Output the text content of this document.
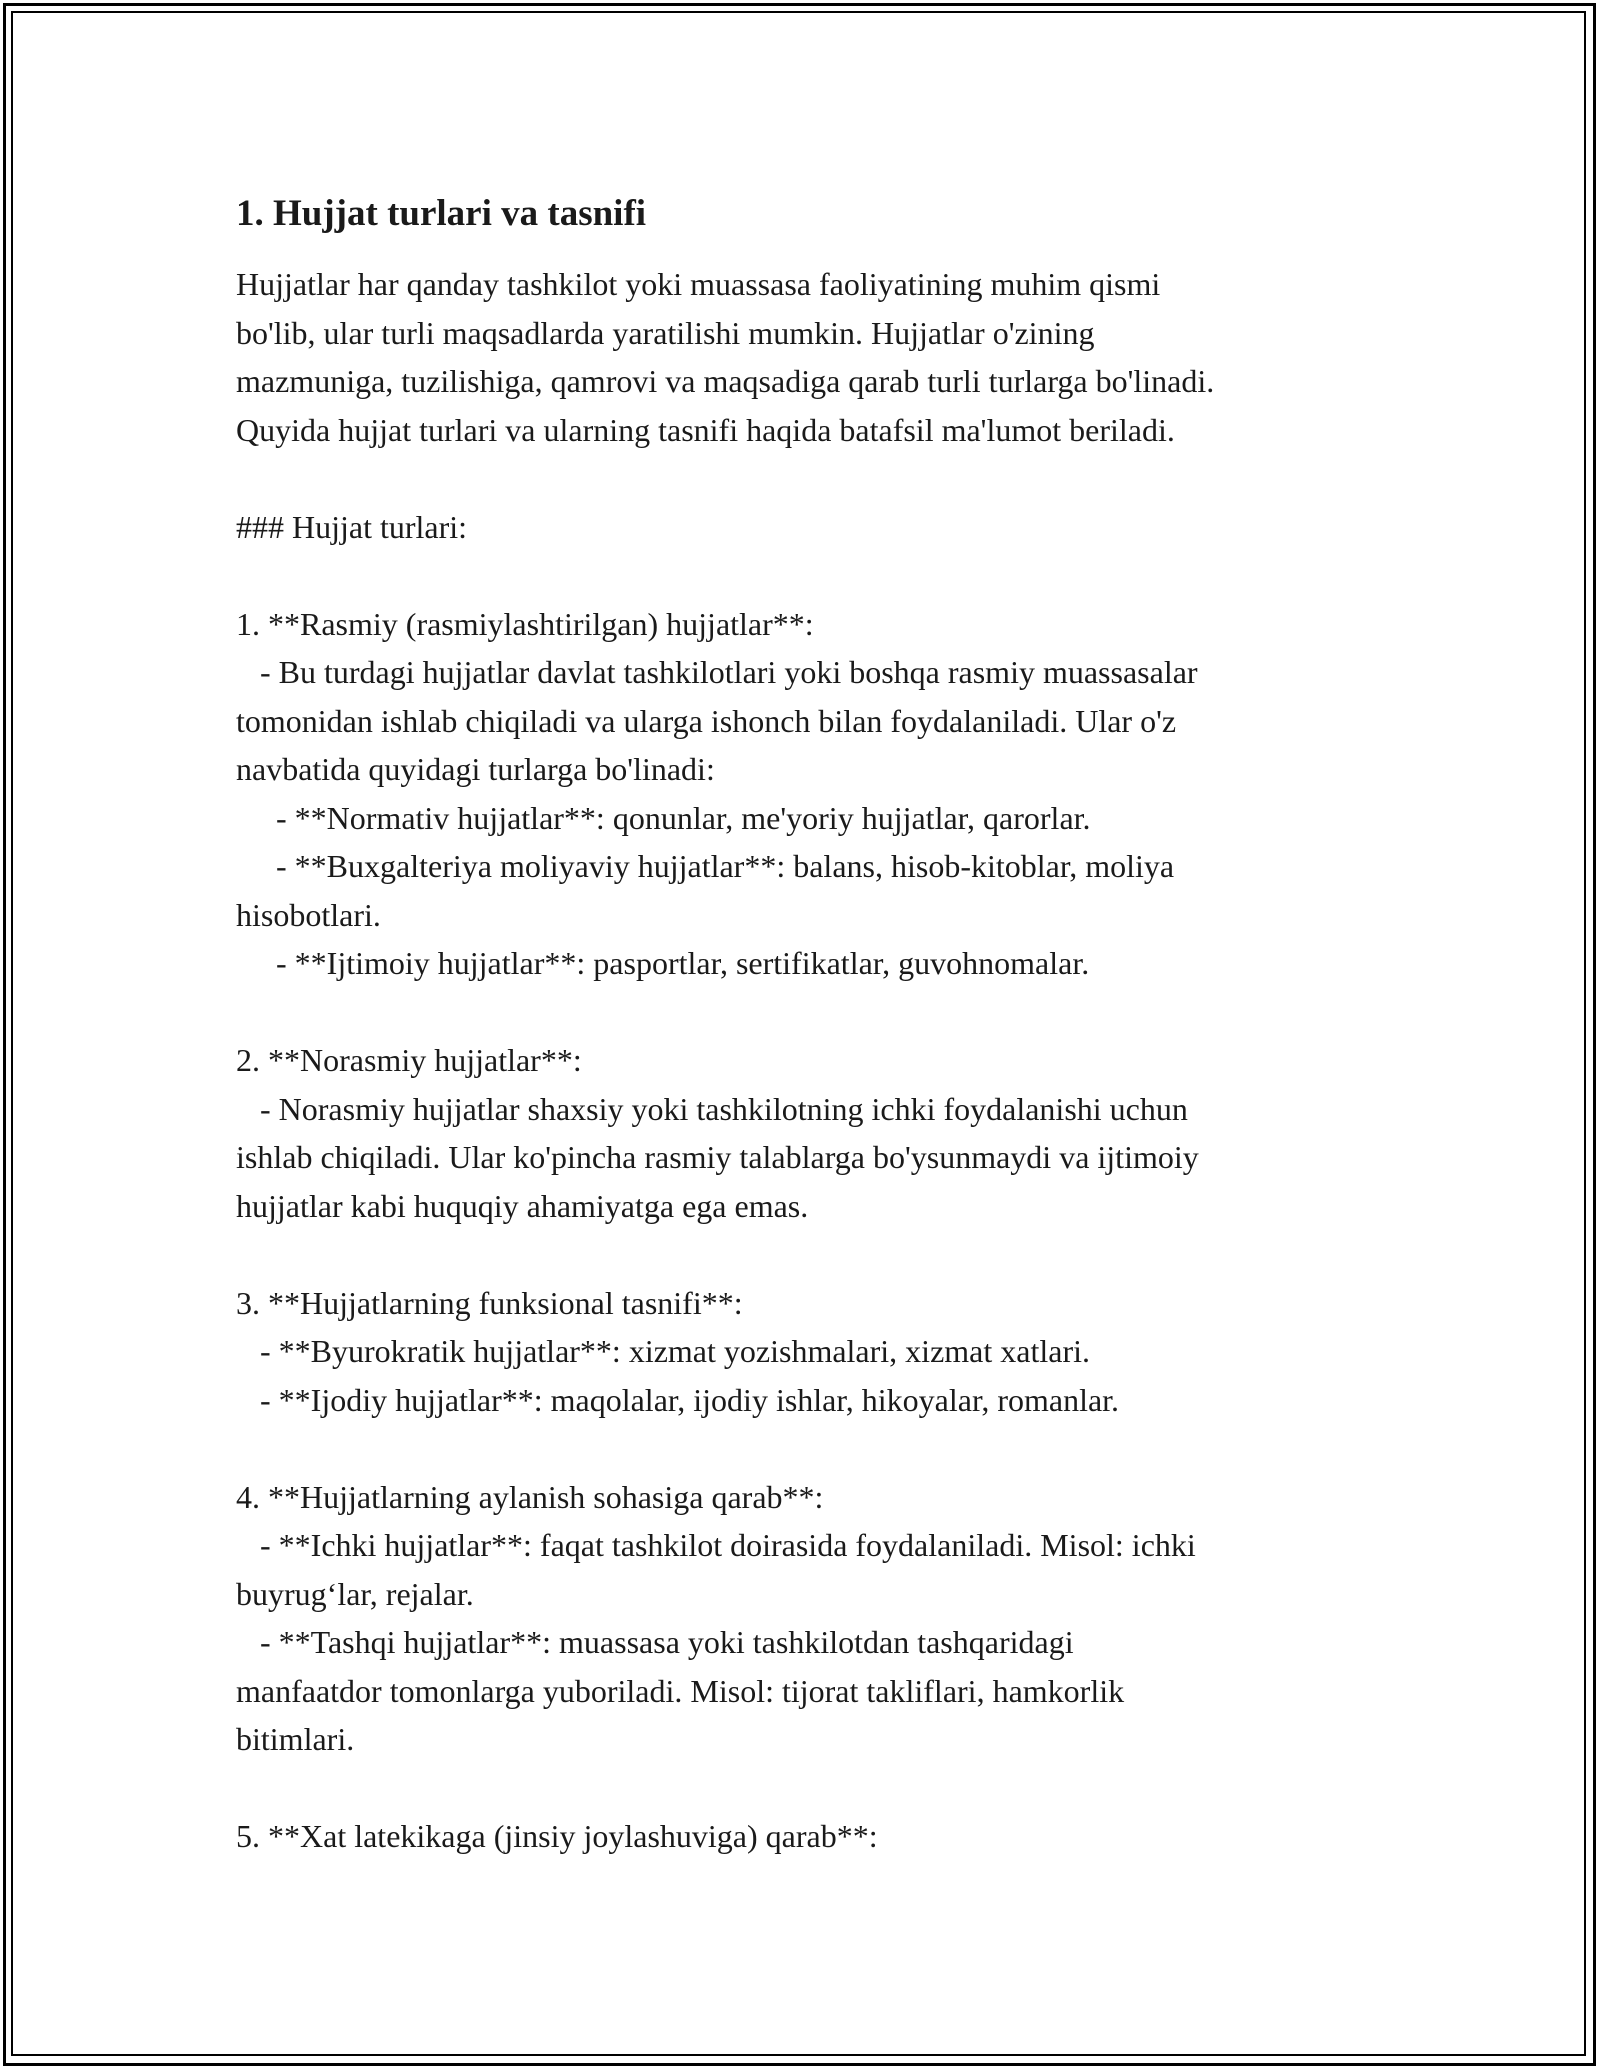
1. Hujjat turlari va tasnifi
Hujjatlar har qanday tashkilot yoki muassasa faoliyatining muhim qismi
bo'lib, ular turli maqsadlarda yaratilishi mumkin. Hujjatlar o'zining
mazmuniga, tuzilishiga, qamrovi va maqsadiga qarab turli turlarga bo'linadi.
Quyida hujjat turlari va ularning tasnifi haqida batafsil ma'lumot beriladi.
### Hujjat turlari:
1. **Rasmiy (rasmiylashtirilgan) hujjatlar**:
- Bu turdagi hujjatlar davlat tashkilotlari yoki boshqa rasmiy muassasalar
tomonidan ishlab chiqiladi va ularga ishonch bilan foydalaniladi. Ular o'z
navbatida quyidagi turlarga bo'linadi:
- **Normativ hujjatlar**: qonunlar, me'yoriy hujjatlar, qarorlar.
- **Buxgalteriya moliyaviy hujjatlar**: balans, hisob-kitoblar, moliya
hisobotlari.
- **Ijtimoiy hujjatlar**: pasportlar, sertifikatlar, guvohnomalar.
2. **Norasmiy hujjatlar**:
- Norasmiy hujjatlar shaxsiy yoki tashkilotning ichki foydalanishi uchun
ishlab chiqiladi. Ular ko'pincha rasmiy talablarga bo'ysunmaydi va ijtimoiy
hujjatlar kabi huquqiy ahamiyatga ega emas.
3. **Hujjatlarning funksional tasnifi**:
- **Byurokratik hujjatlar**: xizmat yozishmalari, xizmat xatlari.
- **Ijodiy hujjatlar**: maqolalar, ijodiy ishlar, hikoyalar, romanlar.
4. **Hujjatlarning aylanish sohasiga qarab**:
- **Ichki hujjatlar**: faqat tashkilot doirasida foydalaniladi. Misol: ichki
buyrug‘lar, rejalar.
- **Tashqi hujjatlar**: muassasa yoki tashkilotdan tashqaridagi
manfaatdor tomonlarga yuboriladi. Misol: tijorat takliflari, hamkorlik
bitimlari.
5. **Xat latekikaga (jinsiy joylashuviga) qarab**:
